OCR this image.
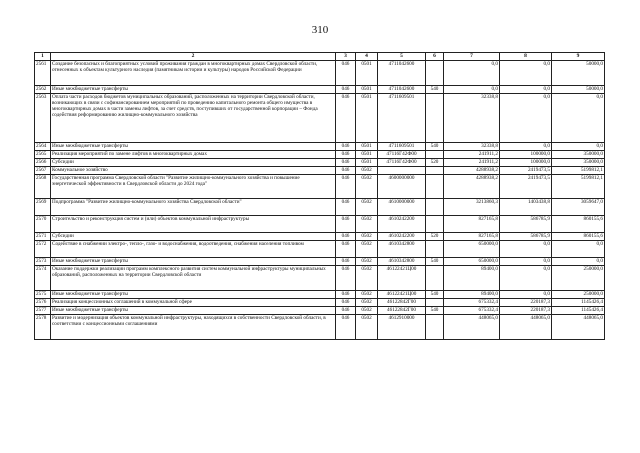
310
1	2	3	4	5	6	7	8	9
2561	Создание безопасных и благоприятных условий проживания граждан в многоквартирных домах Свердловской области, отнесенных к объектам культурного наследия (памятникам истории и культуры) народов Российской Федерации	046	0501	4711042600		0,0	0,0	50000,0
2562	Иные межбюджетные трансферты	046	0501	4711042600	540	0,0	0,0	50000,0
2563	Оплата части расходов бюджетов муниципальных образований, расположенных на территории Свердловской области, возникающих в связи с софинансированием мероприятий по проведению капитального ремонта общего имущества в многоквартирных домах в части замены лифтов, за счет средств, поступивших от государственной корпорации – Фонда содействия реформированию жилищно-коммунального хозяйства	046	0501	4711609501		32338,8	0,0	0,0
2564	Иные межбюджетные трансферты	046	0501	4711609501	540	32338,8	0,0	0,0
2565	Реализация мероприятий по замене лифтов в многоквартирных домах	046	0501	47116Г42Ф00		241911,2	100000,0	350000,0
2566	Субсидии	046	0501	47116Г42Ф00	520	241911,2	100000,0	350000,0
2567	Коммунальное хозяйство	046	0502			4288938,2	2419473,5	5199812,1
2568	Государственная программа Свердловской области "Развитие жилищно-коммунального хозяйства и повышение энергетической эффективности в Свердловской области до 2024 года"	046	0502	4600000000		4288938,2	2419473,5	5199812,1
2569	Подпрограмма "Развитие жилищно-коммунального хозяйства Свердловской области"	046	0502	4610000000		3213860,3	1403438,8	3059647,0
2570	Строительство и реконструкция систем и (или) объектов коммунальной инфраструктуры	046	0502	4610242200		827165,8	586785,9	860155,6
2571	Субсидии	046	0502	4610242200	520	827165,8	586785,9	860155,6
2572	Содействие в снабжении электро-, тепло-, газо- и водоснабжения, водоотведения, снабжения населения топливом	046	0502	4610342800		650000,0	0,0	0,0
2573	Иные межбюджетные трансферты	046	0502	4610342800	540	650000,0	0,0	0,0
2574	Оказание поддержки реализации программ комплексного развития систем коммунальной инфраструктуры муниципальных образований, расположенных на территории Свердловской области	046	0502	46122421Ц00		89400,0	0,0	250000,0
2575	Иные межбюджетные трансферты	046	0502	46122421Ц00	540	89400,0	0,0	250000,0
2576	Реализация концессионных соглашений в коммунальной сфере	046	0502	46122842Г00		675332,4	220187,3	1145426,4
2577	Иные межбюджетные трансферты	046	0502	46122842Г00	540	675332,4	220187,3	1145426,4
2578	Развитие и модернизация объектов коммунальной инфраструктуры, находящихся в собственности Свердловской области, в соответствии с концессионными соглашениями	046	0502	4612910000		448065,0	448065,0	448065,0
